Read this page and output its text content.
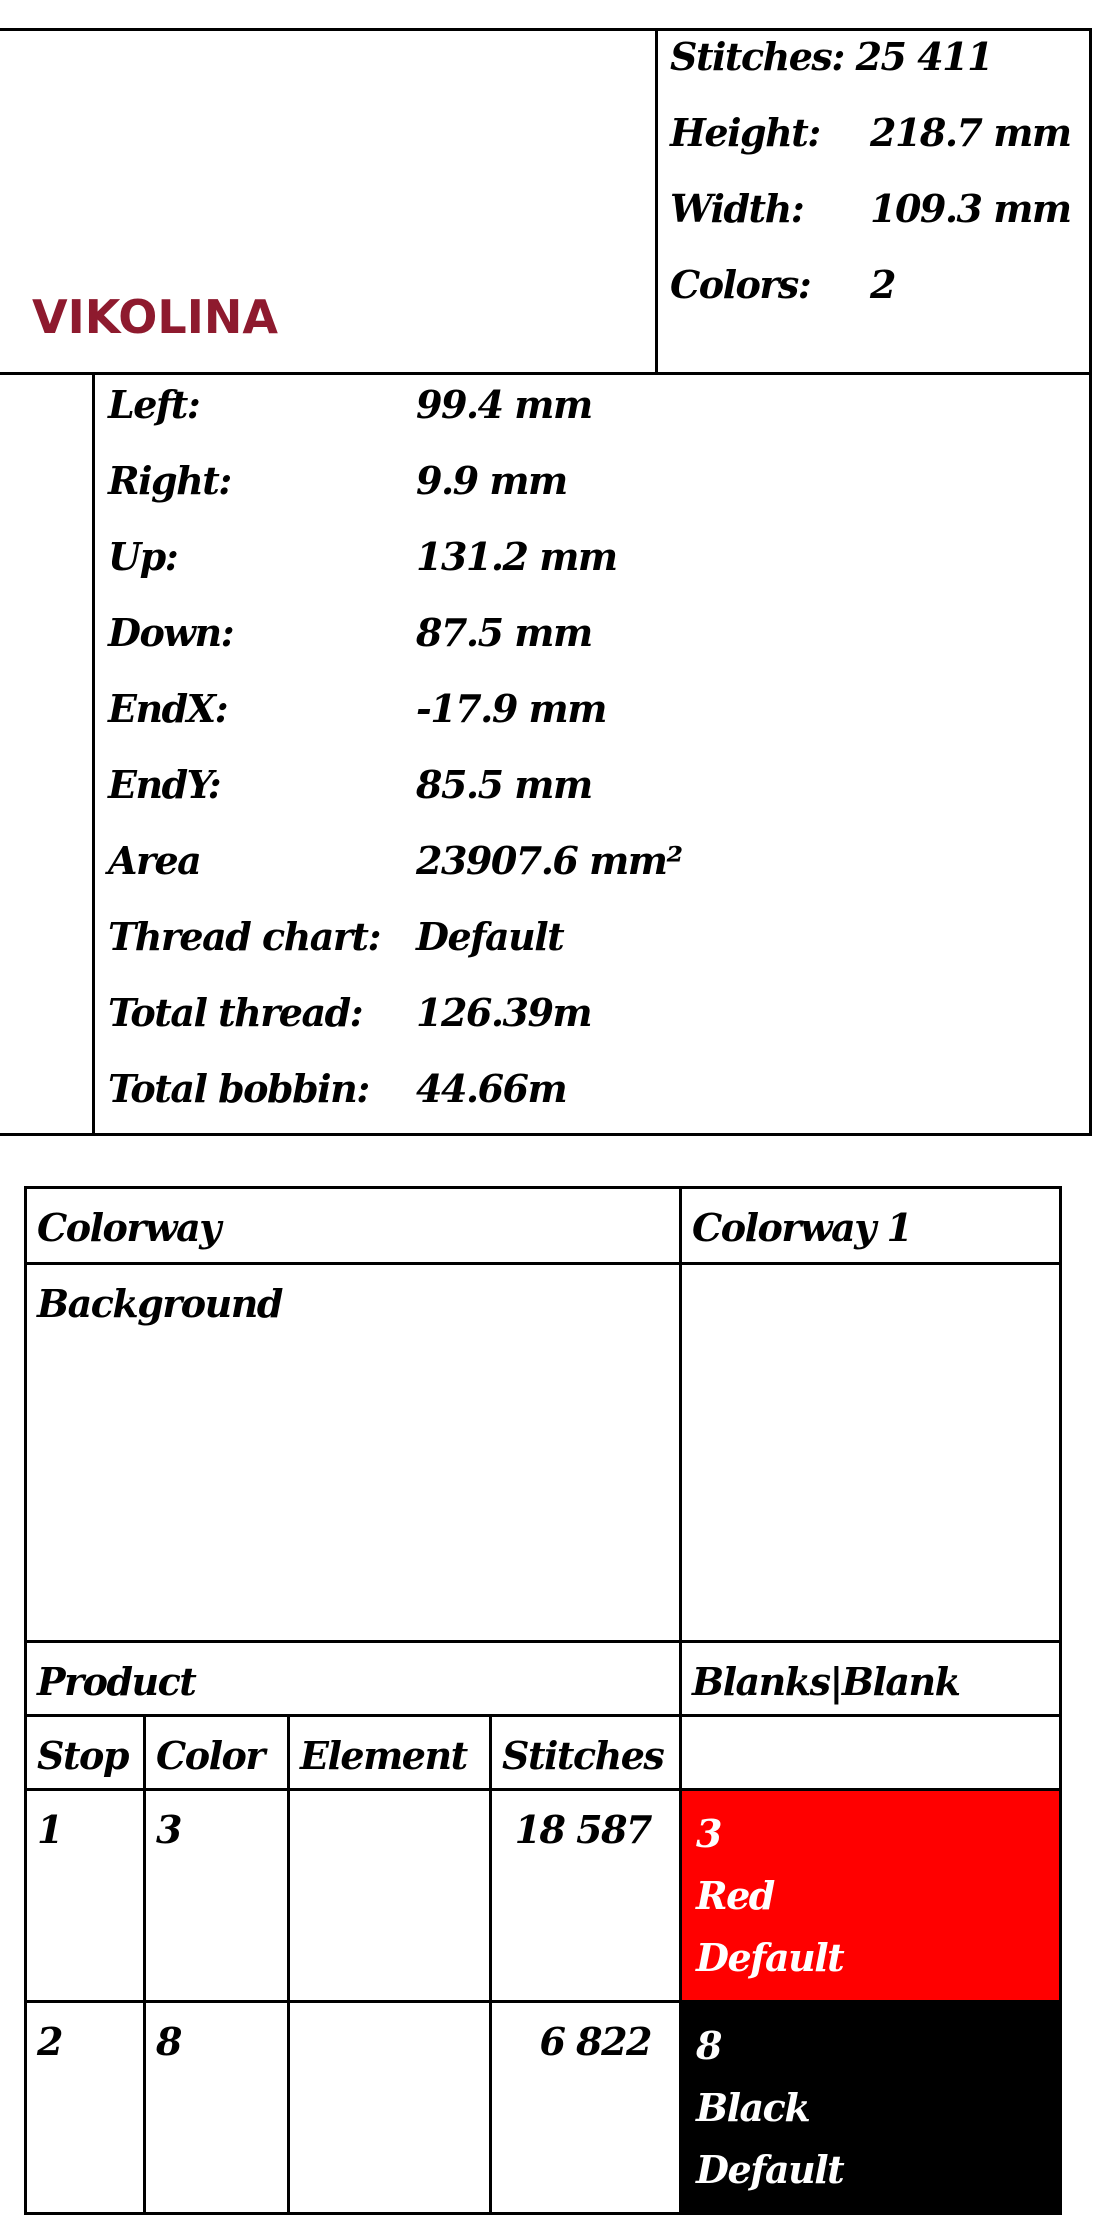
VIKOLINA
Stitches: 25 411
Height: 218.7 mm
Width: 109.3 mm
Colors: 2
Left:	99.4 mm
Right:	9.9 mm
Up:	131.2 mm
Down:	87.5 mm
EndX:	-17.9 mm
EndY:	85.5 mm
Area	23907.6 mm²
Thread chart: Default
Total thread: 126.39m
Total bobbin: 44.66m
Colorway				Colorway 1
Background				
Product				Blanks|Blank
Stop	Color	Element	Stitches	
1	3		18 587	3
Red
Default

2	8		6 822	8
Black
Default
